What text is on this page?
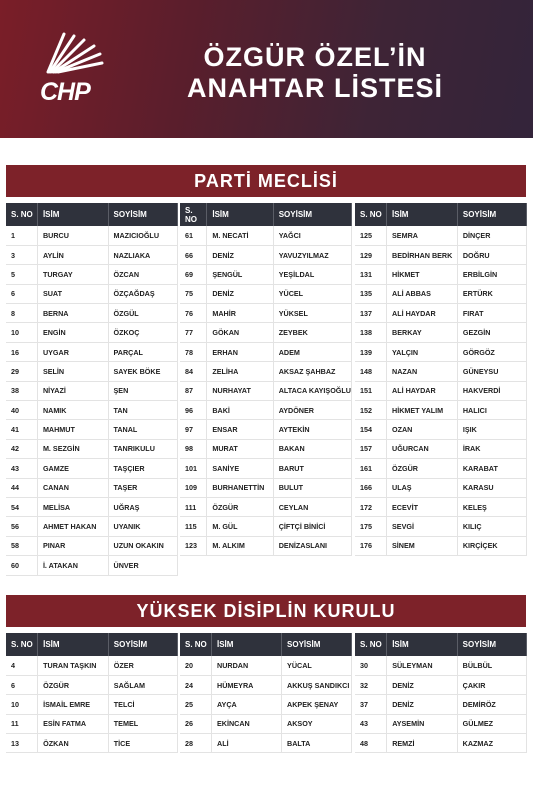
CHP
ÖZGÜR ÖZEL’İN
ANAHTAR LİSTESİ
PARTİ MECLİSİ
S. NO	İSİM	SOYİSİM
1	BURCU	MAZICIOĞLU
3	AYLİN	NAZLIAKA
5	TURGAY	ÖZCAN
6	SUAT	ÖZÇAĞDAŞ
8	BERNA	ÖZGÜL
10	ENGİN	ÖZKOÇ
16	UYGAR	PARÇAL
29	SELİN	SAYEK BÖKE
38	NİYAZİ	ŞEN
40	NAMIK	TAN
41	MAHMUT	TANAL
42	M. SEZGİN	TANRIKULU
43	GAMZE	TAŞÇIER
44	CANAN	TAŞER
54	MELİSA	UĞRAŞ
56	AHMET HAKAN	UYANIK
58	PINAR	UZUN OKAKIN
60	İ. ATAKAN	ÜNVER
S. NO	İSİM	SOYİSİM
61	M. NECATİ	YAĞCI
66	DENİZ	YAVUZYILMAZ
69	ŞENGÜL	YEŞİLDAL
75	DENİZ	YÜCEL
76	MAHİR	YÜKSEL
77	GÖKAN	ZEYBEK
78	ERHAN	ADEM
84	ZELİHA	AKSAZ ŞAHBAZ
87	NURHAYAT	ALTACA KAYIŞOĞLU
96	BAKİ	AYDÖNER
97	ENSAR	AYTEKİN
98	MURAT	BAKAN
101	SANİYE	BARUT
109	BURHANETTİN	BULUT
111	ÖZGÜR	CEYLAN
115	M. GÜL	ÇİFTÇİ BİNİCİ
123	M. ALKIM	DENİZASLANI
S. NO	İSİM	SOYİSİM
125	SEMRA	DİNÇER
129	BEDİRHAN BERK	DOĞRU
131	HİKMET	ERBİLGİN
135	ALİ ABBAS	ERTÜRK
137	ALİ HAYDAR	FIRAT
138	BERKAY	GEZGİN
139	YALÇIN	GÖRGÖZ
148	NAZAN	GÜNEYSU
151	ALİ HAYDAR	HAKVERDİ
152	HİKMET YALIM	HALICI
154	OZAN	IŞIK
157	UĞURCAN	İRAK
161	ÖZGÜR	KARABAT
166	ULAŞ	KARASU
172	ECEVİT	KELEŞ
175	SEVGİ	KILIÇ
176	SİNEM	KIRÇİÇEK
YÜKSEK DİSİPLİN KURULU
S. NO	İSİM	SOYİSİM
4	TURAN TAŞKIN	ÖZER
6	ÖZGÜR	SAĞLAM
10	İSMAİL EMRE	TELCİ
11	ESİN FATMA	TEMEL
13	ÖZKAN	TİCE
S. NO	İSİM	SOYİSİM
20	NURDAN	YÜCAL
24	HÜMEYRA	AKKUŞ SANDIKCI
25	AYÇA	AKPEK ŞENAY
26	EKİNCAN	AKSOY
28	ALİ	BALTA
S. NO	İSİM	SOYİSİM
30	SÜLEYMAN	BÜLBÜL
32	DENİZ	ÇAKIR
37	DENİZ	DEMİRÖZ
43	AYSEMİN	GÜLMEZ
48	REMZİ	KAZMAZ
